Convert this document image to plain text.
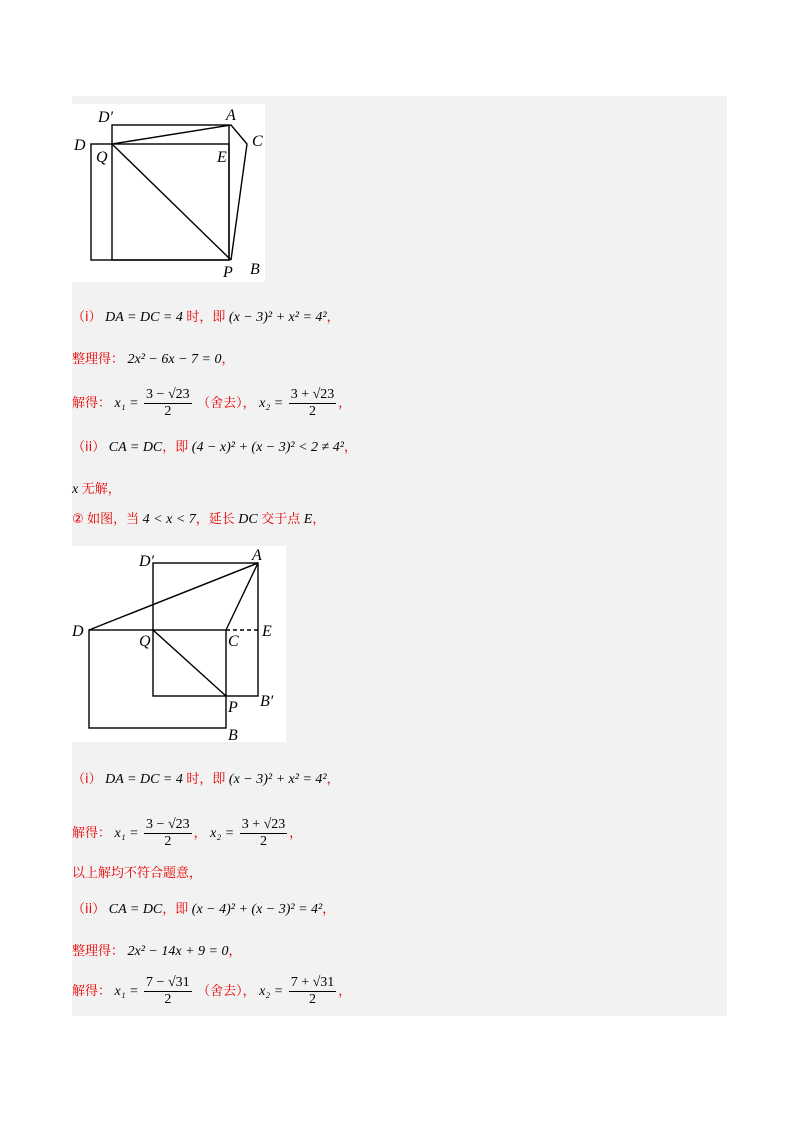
D′	A
D
Q	E
C
P B
（i） DA = DC = 4 时，即 (x − 3)² + x² = 4²，
整理得： 2x² − 6x − 7 = 0，
解得： $x_1 = \frac{3 - √23}{2}$ （舍去）， $x_2 = \frac{3 + √23}{2}$ ，
（ii） CA = DC，即 (4 − x)² + (x − 3)² < 2 ≠ 4²，
x 无解，
② 如图，当 4 < x < 7，延长 DC 交于点 E，
D′	A
D
Q	C
E
P B′
B
（i） DA = DC = 4 时，即 (x − 3)² + x² = 4²，
解得： $x_1 = \frac{3 - √23}{2}$ ， $x_2 = \frac{3 + √23}{2}$ ，
以上解均不符合题意，
（ii） CA = DC，即 (x − 4)² + (x − 3)² = 4²，
整理得： 2x² − 14x + 9 = 0，
解得： $x_1 = \frac{7 - √31}{2}$ （舍去）， $x_2 = \frac{7 + √31}{2}$ ，
